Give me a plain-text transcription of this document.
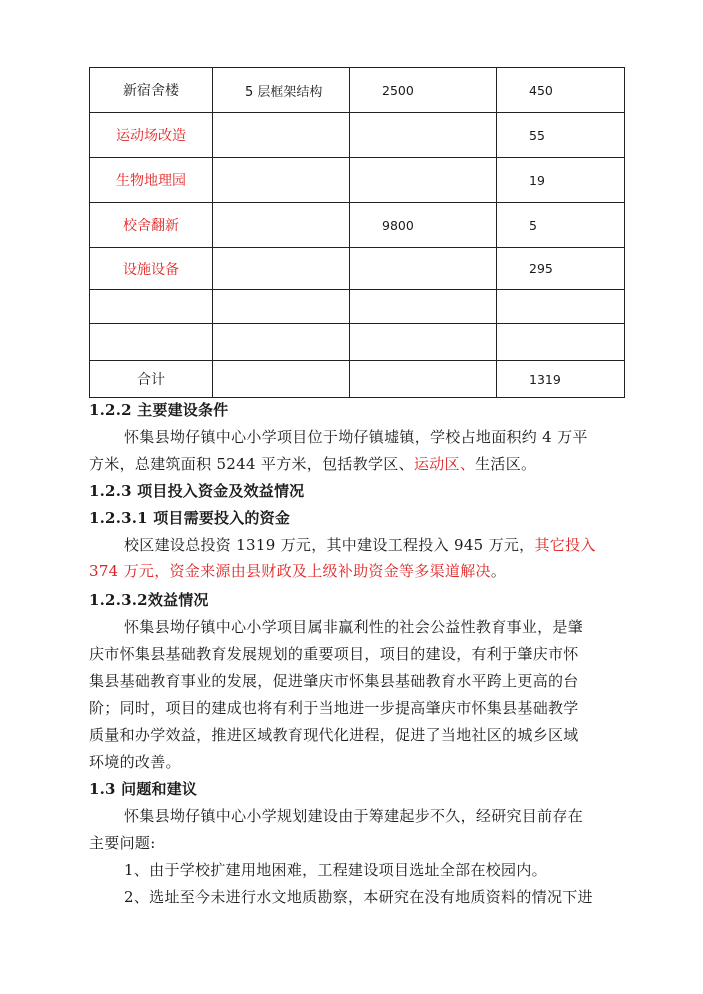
新宿舍楼	5 层框架结构	2500	450
运动场改造			55
生物地理园			19
校舍翻新		9800	5
设施设备			295

合计			1319
1.2.2 主要建设条件
怀集县坳仔镇中心小学项目位于坳仔镇墟镇，学校占地面积约 4 万平
方米，总建筑面积 5244 平方米，包括教学区、运动区、生活区。
1.2.3 项目投入资金及效益情况
1.2.3.1 项目需要投入的资金
校区建设总投资 1319 万元，其中建设工程投入 945 万元，其它投入
374 万元，资金来源由县财政及上级补助资金等多渠道解决。
1.2.3.2效益情况
怀集县坳仔镇中心小学项目属非赢利性的社会公益性教育事业，是肇
庆市怀集县基础教育发展规划的重要项目，项目的建设，有利于肇庆市怀
集县基础教育事业的发展，促进肇庆市怀集县基础教育水平跨上更高的台
阶；同时，项目的建成也将有利于当地进一步提高肇庆市怀集县基础教学
质量和办学效益，推进区域教育现代化进程，促进了当地社区的城乡区域
环境的改善。
1.3 问题和建议
怀集县坳仔镇中心小学规划建设由于筹建起步不久，经研究目前存在
主要问题:
1、由于学校扩建用地困难，工程建设项目选址全部在校园内。
2、选址至今未进行水文地质勘察，本研究在没有地质资料的情况下进
